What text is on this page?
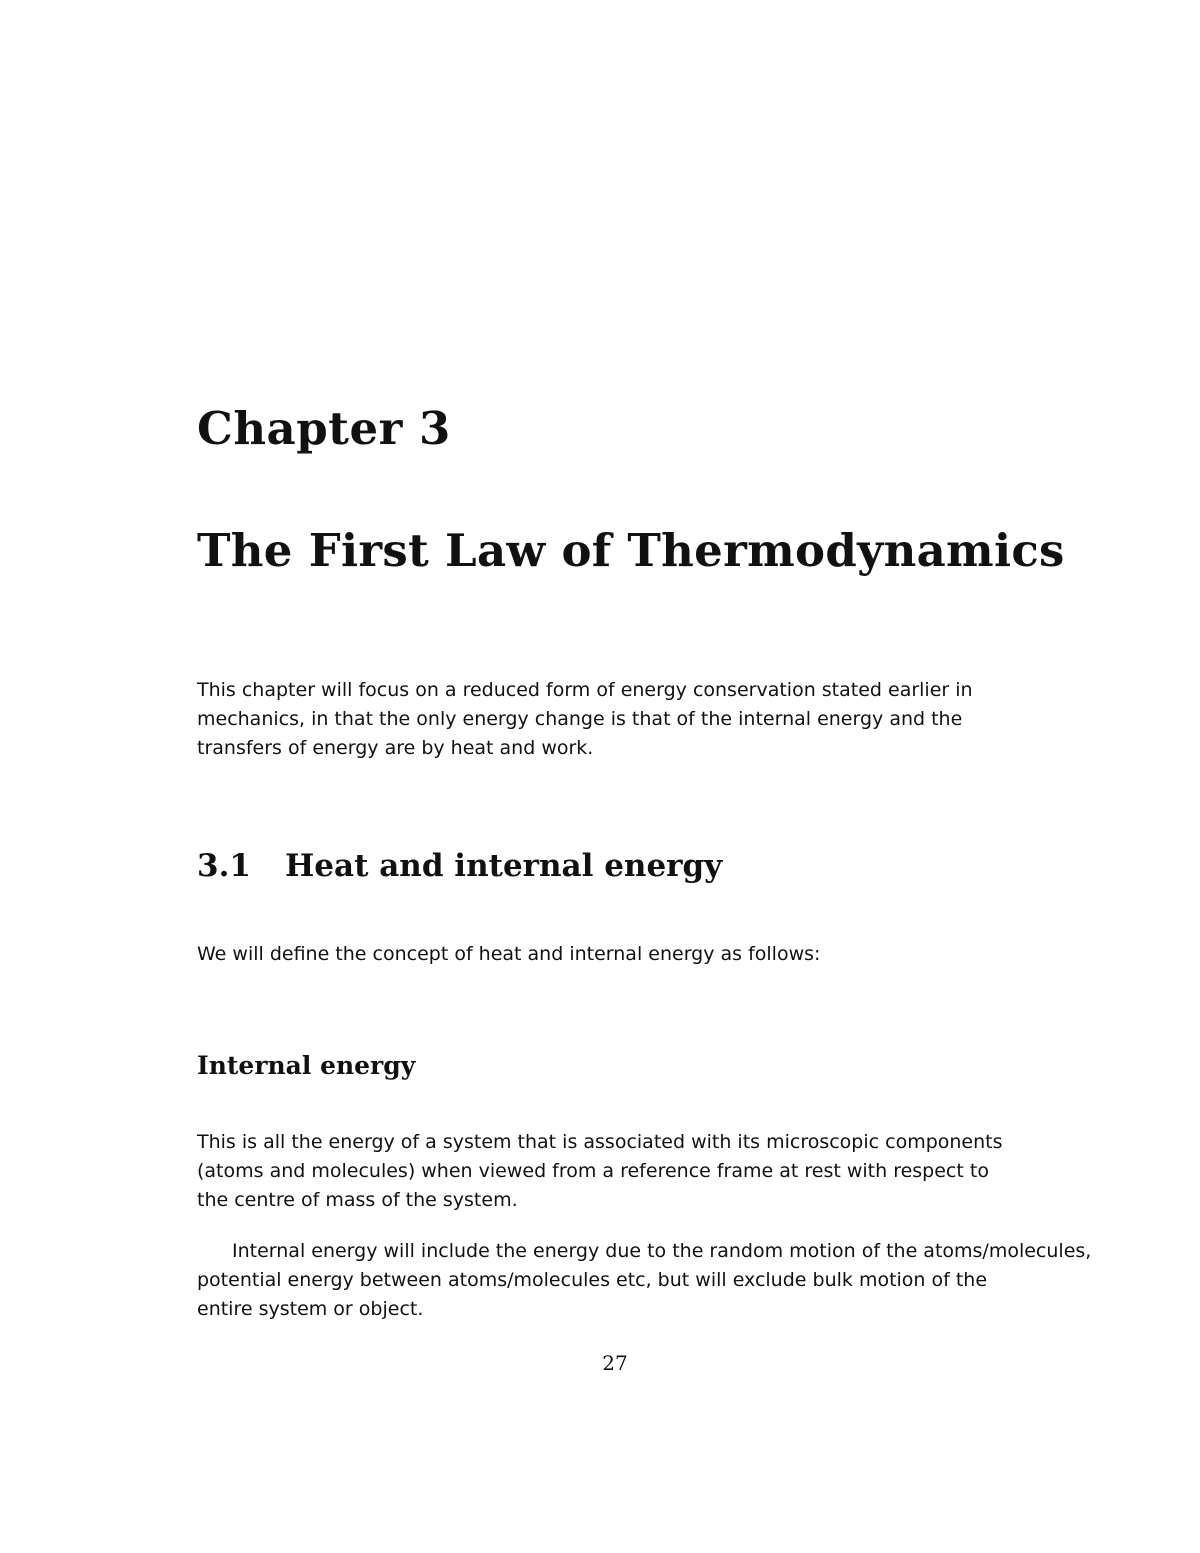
Chapter 3
The First Law of Thermodynamics

This chapter will focus on a reduced form of energy conservation stated earlier in
mechanics, in that the only energy change is that of the internal energy and the
transfers of energy are by heat and work.

3.1 Heat and internal energy

We will define the concept of heat and internal energy as follows:

Internal energy

This is all the energy of a system that is associated with its microscopic components
(atoms and molecules) when viewed from a reference frame at rest with respect to
the centre of mass of the system.

Internal energy will include the energy due to the random motion of the atoms/molecules,
potential energy between atoms/molecules etc, but will exclude bulk motion of the
entire system or object.

27
